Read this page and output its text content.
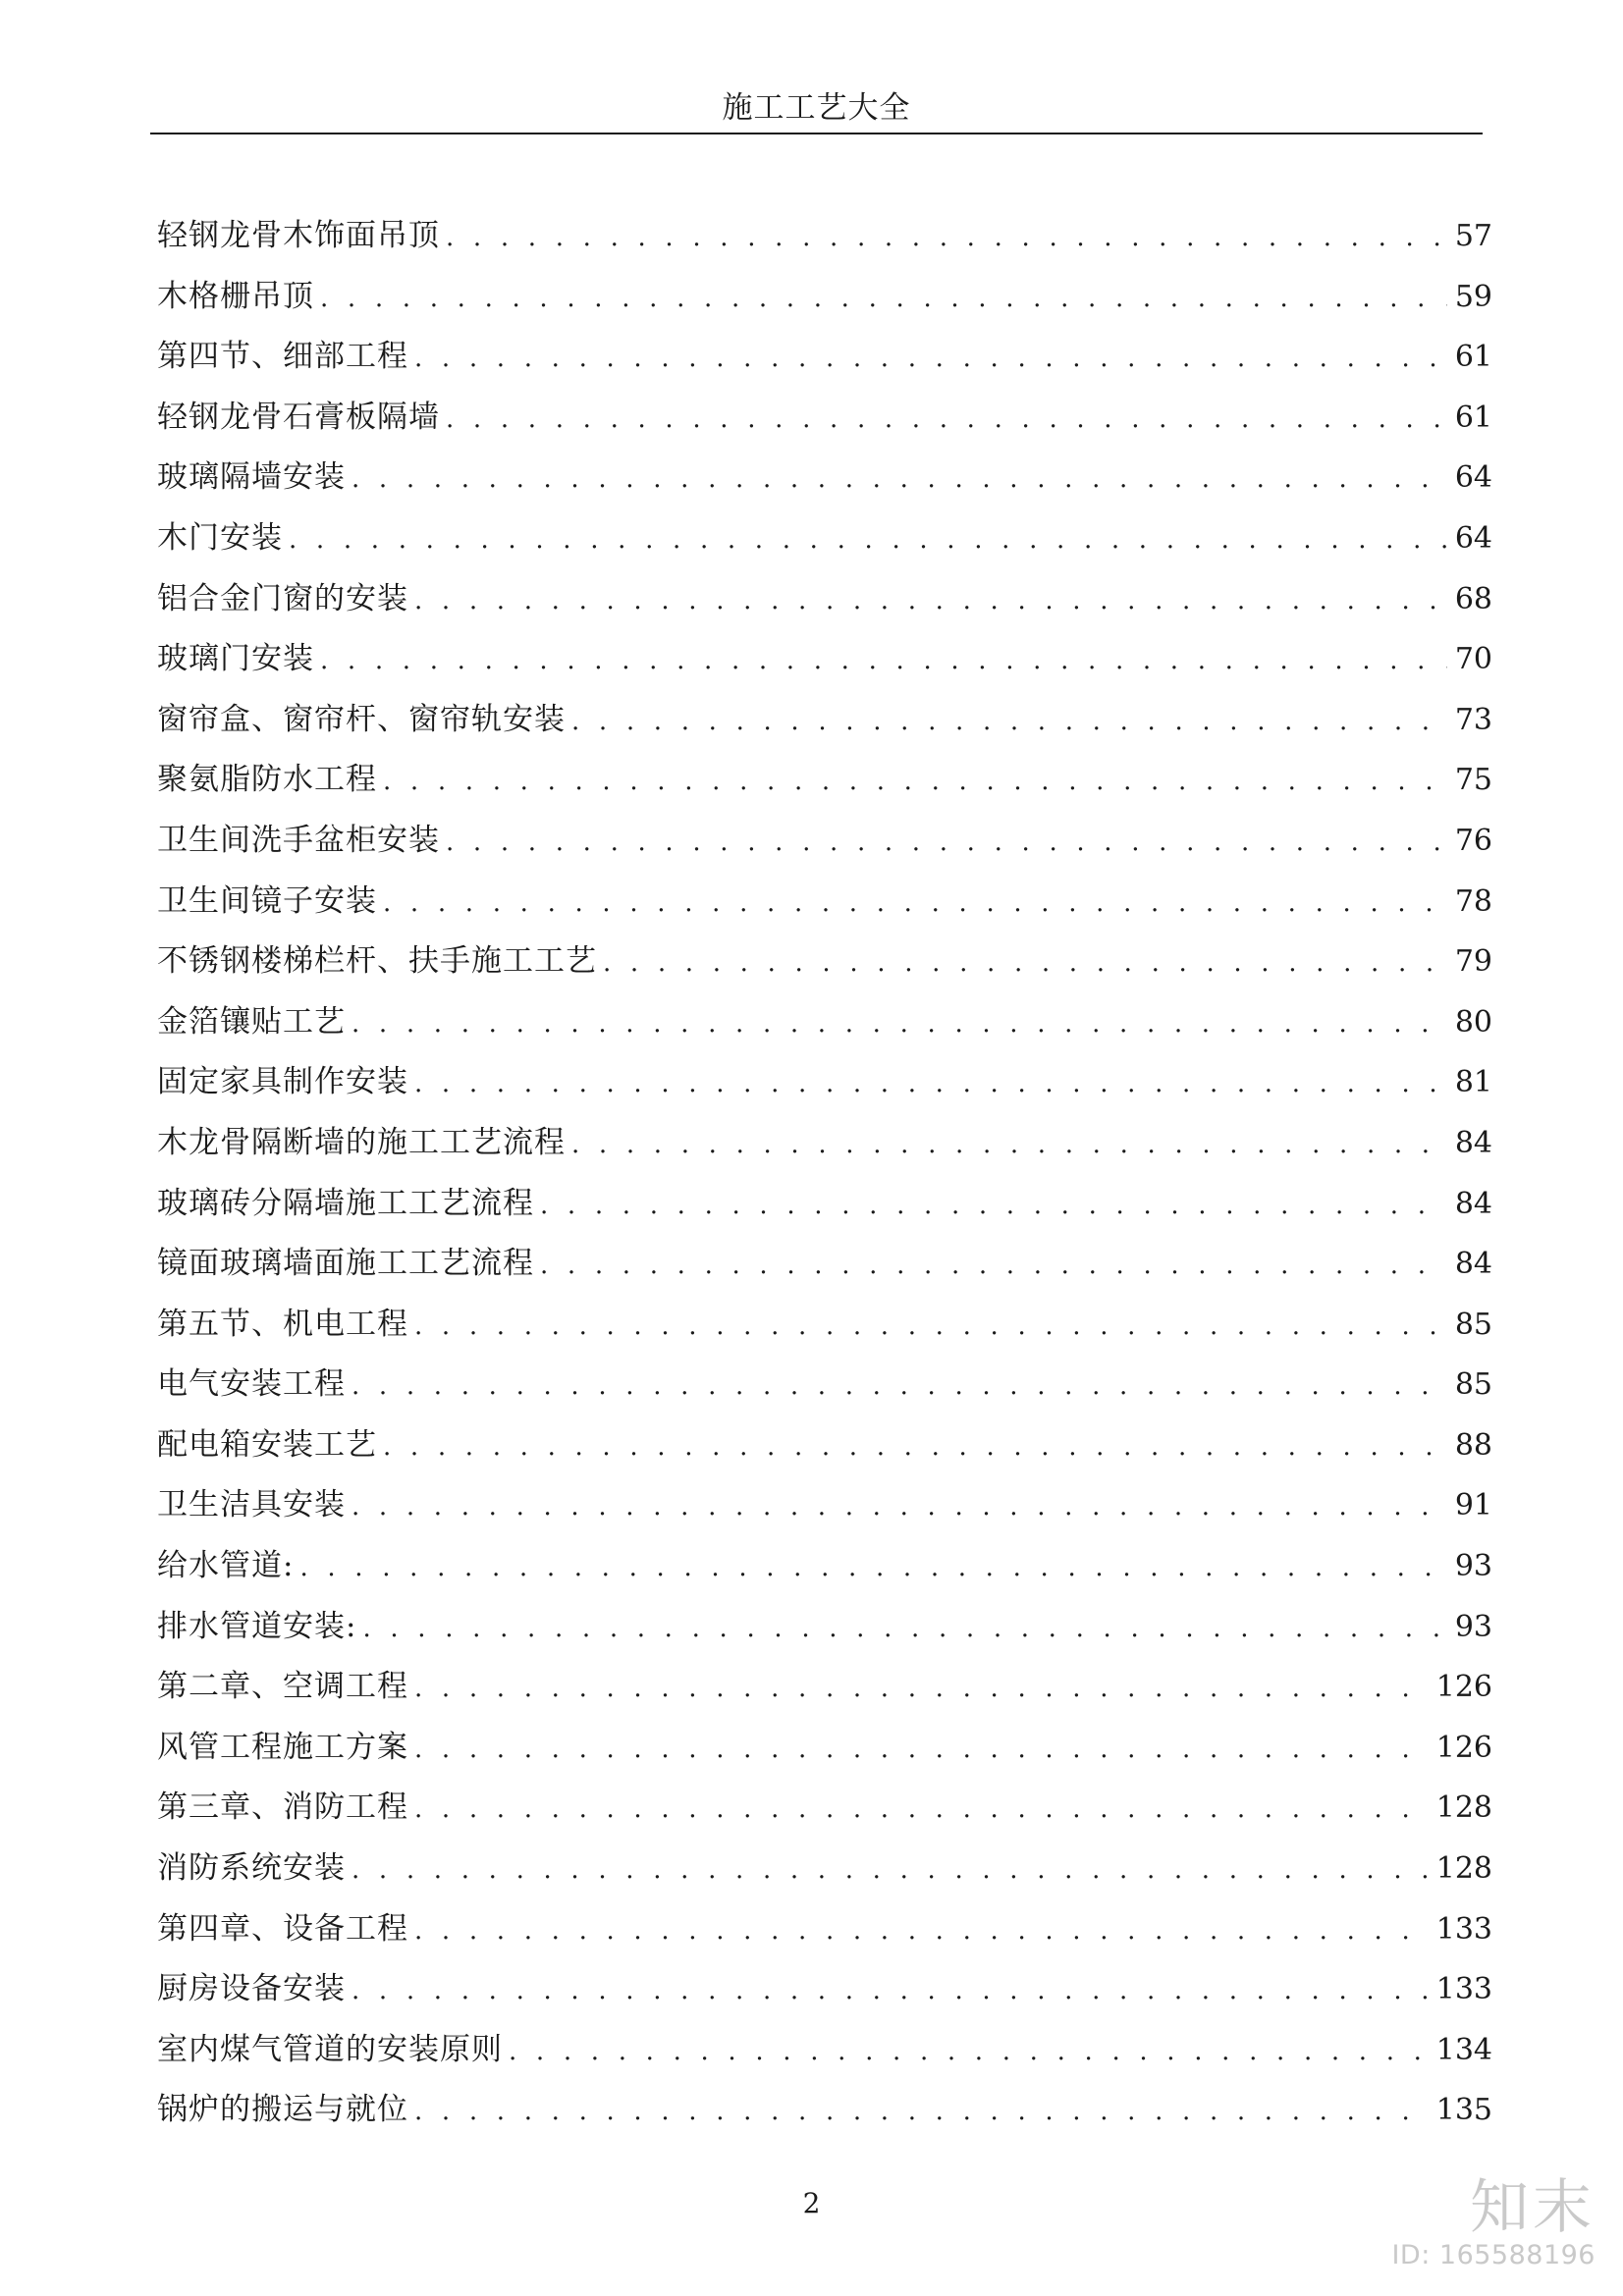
施工工艺大全
轻钢龙骨木饰面吊顶 . . .	57
木格栅吊顶 . . .	59
第四节、细部工程 . . .	61
轻钢龙骨石膏板隔墙 . . .	61
玻璃隔墙安装 . . .	64
木门安装 . . .	64
铝合金门窗的安装 . . .	68
玻璃门安装 . . .	70
窗帘盒、窗帘杆、窗帘轨安装 . . .	73
聚氨脂防水工程 . . .	75
卫生间洗手盆柜安装 . . .	76
卫生间镜子安装 . . .	78
不锈钢楼梯栏杆、扶手施工工艺 . . .	79
金箔镶贴工艺 . . .	80
固定家具制作安装 . . .	81
木龙骨隔断墙的施工工艺流程 . . .	84
玻璃砖分隔墙施工工艺流程 . . .	84
镜面玻璃墙面施工工艺流程 . . .	84
第五节、机电工程 . . .	85
电气安装工程 . . .	85
配电箱安装工艺 . . .	88
卫生洁具安装 . . .	91
给水管道: . . .	93
排水管道安装: . . .	93
第二章、空调工程 . . .	126
风管工程施工方案 . . .	126
第三章、消防工程 . . .	128
消防系统安装 . . .	128
第四章、设备工程 . . .	133
厨房设备安装 . . .	133
室内煤气管道的安装原则 . . .	134
锅炉的搬运与就位 . . .	135
2	知末
ID: 165588196
